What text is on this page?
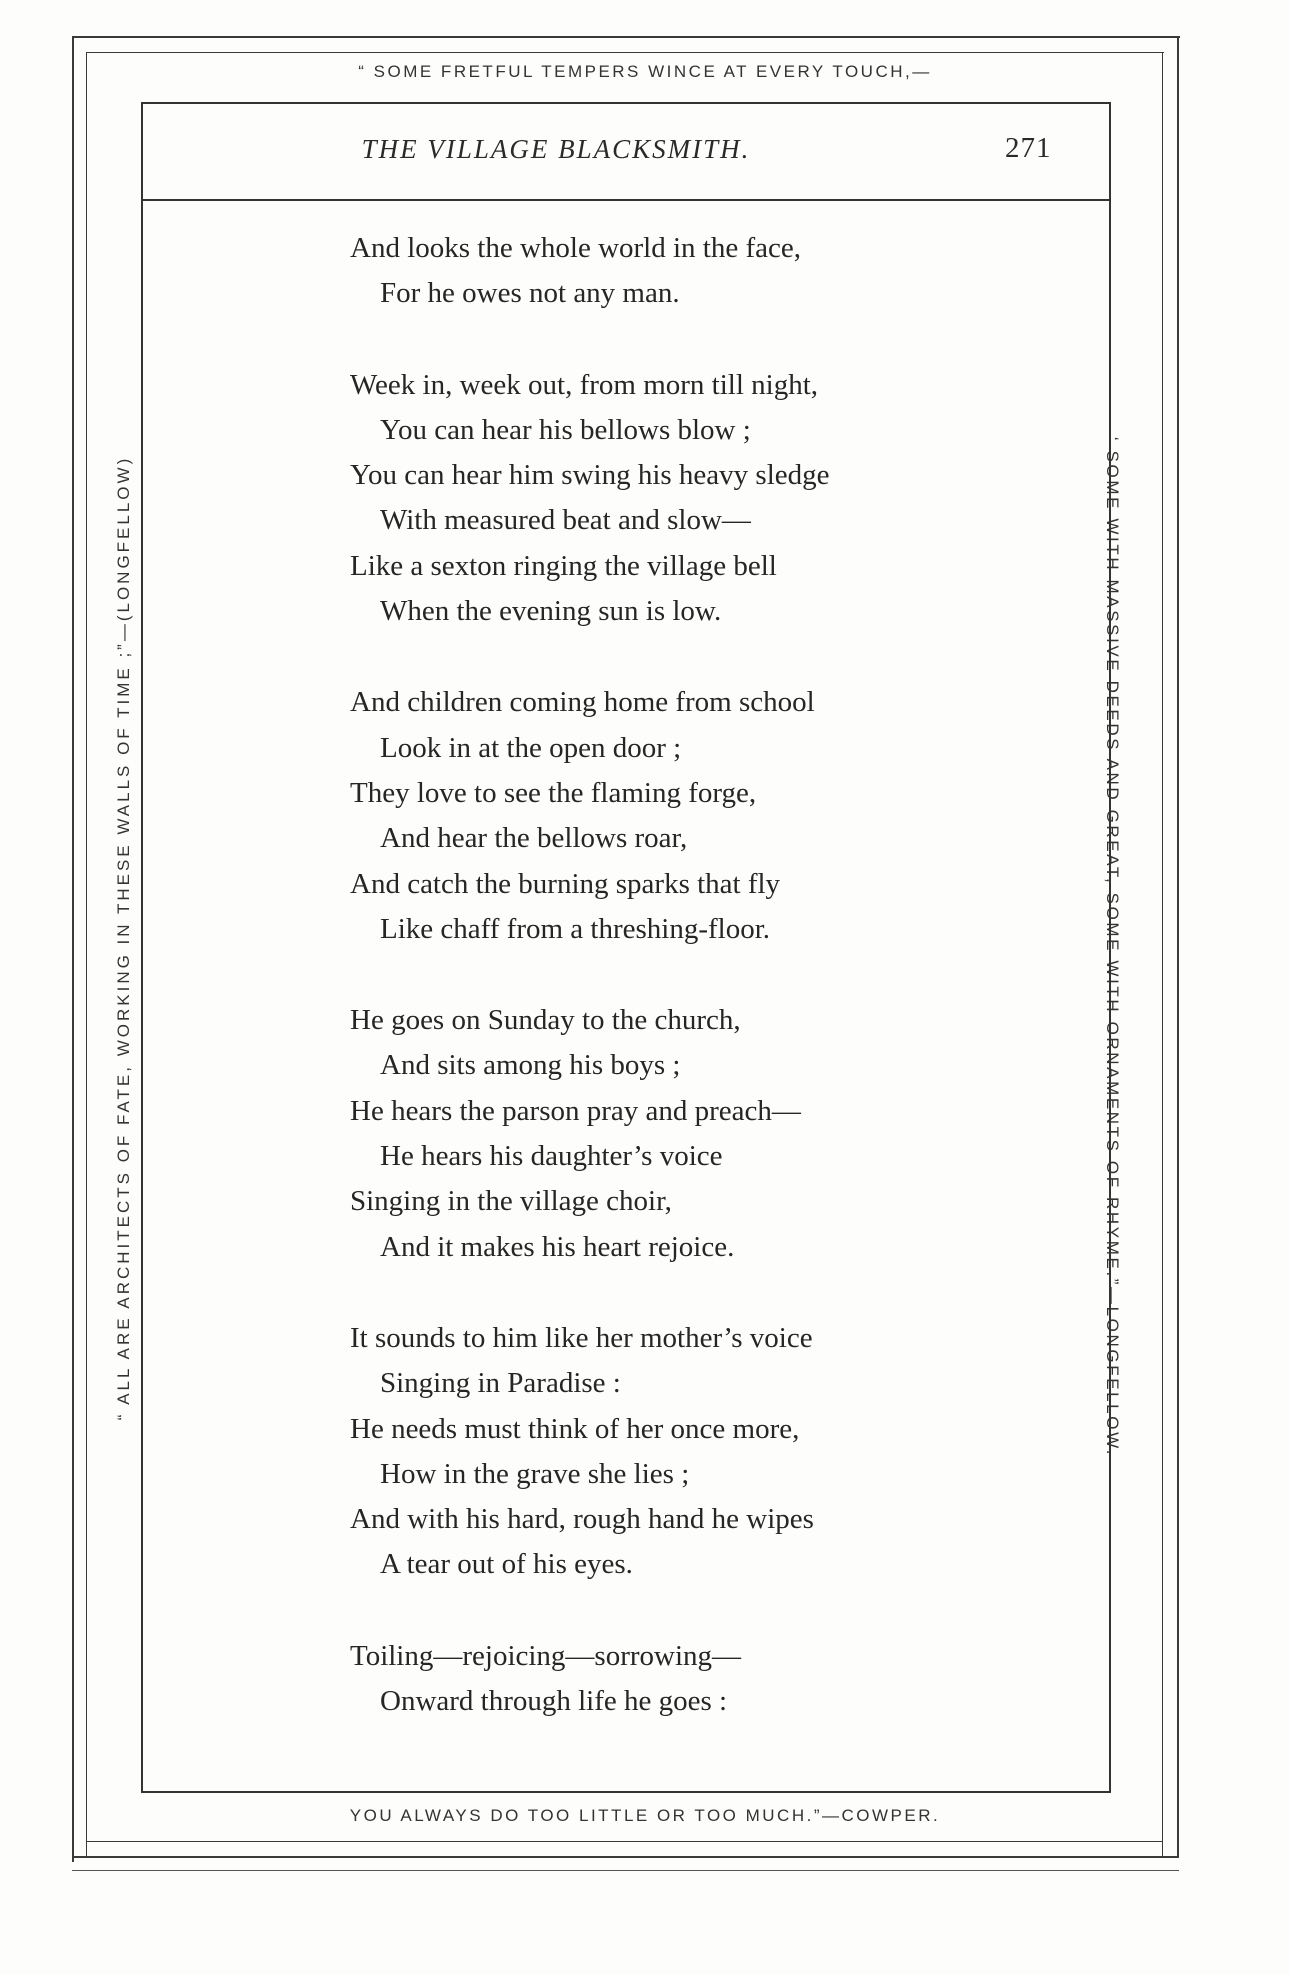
“ SOME FRETFUL TEMPERS WINCE AT EVERY TOUCH,—
“ ALL ARE ARCHITECTS OF FATE, WORKING IN THESE WALLS OF TIME ;”—(LONGFELLOW)	‘ SOME WITH MASSIVE DEEDS AND GREAT, SOME WITH ORNAMENTS OF RHYME.”—LONGFELLOW.
YOU ALWAYS DO TOO LITTLE OR TOO MUCH.”—COWPER.
THE VILLAGE BLACKSMITH.	271
And looks the whole world in the face,
For he owes not any man.
Week in, week out, from morn till night,
You can hear his bellows blow ;
You can hear him swing his heavy sledge
With measured beat and slow—
Like a sexton ringing the village bell
When the evening sun is low.
And children coming home from school
Look in at the open door ;
They love to see the flaming forge,
And hear the bellows roar,
And catch the burning sparks that fly
Like chaff from a threshing-floor.
He goes on Sunday to the church,
And sits among his boys ;
He hears the parson pray and preach—
He hears his daughter’s voice
Singing in the village choir,
And it makes his heart rejoice.
It sounds to him like her mother’s voice
Singing in Paradise :
He needs must think of her once more,
How in the grave she lies ;
And with his hard, rough hand he wipes
A tear out of his eyes.
Toiling—rejoicing—sorrowing—
Onward through life he goes :
